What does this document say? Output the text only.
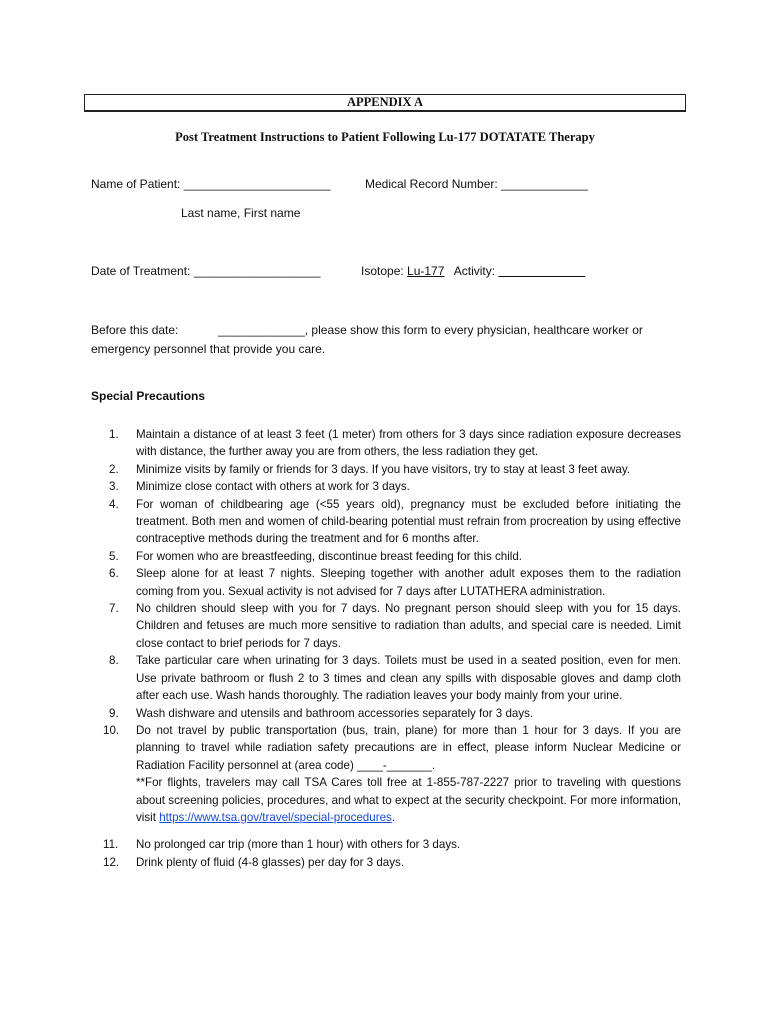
APPENDIX A
Post Treatment Instructions to Patient Following Lu-177 DOTATATE Therapy
Name of Patient: ______________________	Medical Record Number: _____________
Last name, First name
Date of Treatment: ___________________	Isotope: Lu-177   Activity: _____________
Before this date:	_____________, please show this form to every physician, healthcare worker or
emergency personnel that provide you care.
Special Precautions
1.	Maintain a distance of at least 3 feet (1 meter) from others for 3 days since radiation exposure decreases with distance, the further away you are from others, the less radiation they get.
2.	Minimize visits by family or friends for 3 days. If you have visitors, try to stay at least 3 feet away.
3.	Minimize close contact with others at work for 3 days.
4.	For woman of childbearing age (<55 years old), pregnancy must be excluded before initiating the treatment. Both men and women of child-bearing potential must refrain from procreation by using effective contraceptive methods during the treatment and for 6 months after.
5.	For women who are breastfeeding, discontinue breast feeding for this child.
6.	Sleep alone for at least 7 nights. Sleeping together with another adult exposes them to the radiation coming from you. Sexual activity is not advised for 7 days after LUTATHERA administration.
7.	No children should sleep with you for 7 days. No pregnant person should sleep with you for 15 days. Children and fetuses are much more sensitive to radiation than adults, and special care is needed. Limit close contact to brief periods for 7 days.
8.	Take particular care when urinating for 3 days. Toilets must be used in a seated position, even for men. Use private bathroom or flush 2 to 3 times and clean any spills with disposable gloves and damp cloth after each use. Wash hands thoroughly. The radiation leaves your body mainly from your urine.
9.	Wash dishware and utensils and bathroom accessories separately for 3 days.
10.	Do not travel by public transportation (bus, train, plane) for more than 1 hour for 3 days. If you are planning to travel while radiation safety precautions are in effect, please inform Nuclear Medicine or Radiation Facility personnel at (area code) ____-_______.
**For flights, travelers may call TSA Cares toll free at 1-855-787-2227 prior to traveling with questions about screening policies, procedures, and what to expect at the security checkpoint. For more information, visit https://www.tsa.gov/travel/special-procedures.
11.	No prolonged car trip (more than 1 hour) with others for 3 days.
12.	Drink plenty of fluid (4-8 glasses) per day for 3 days.
